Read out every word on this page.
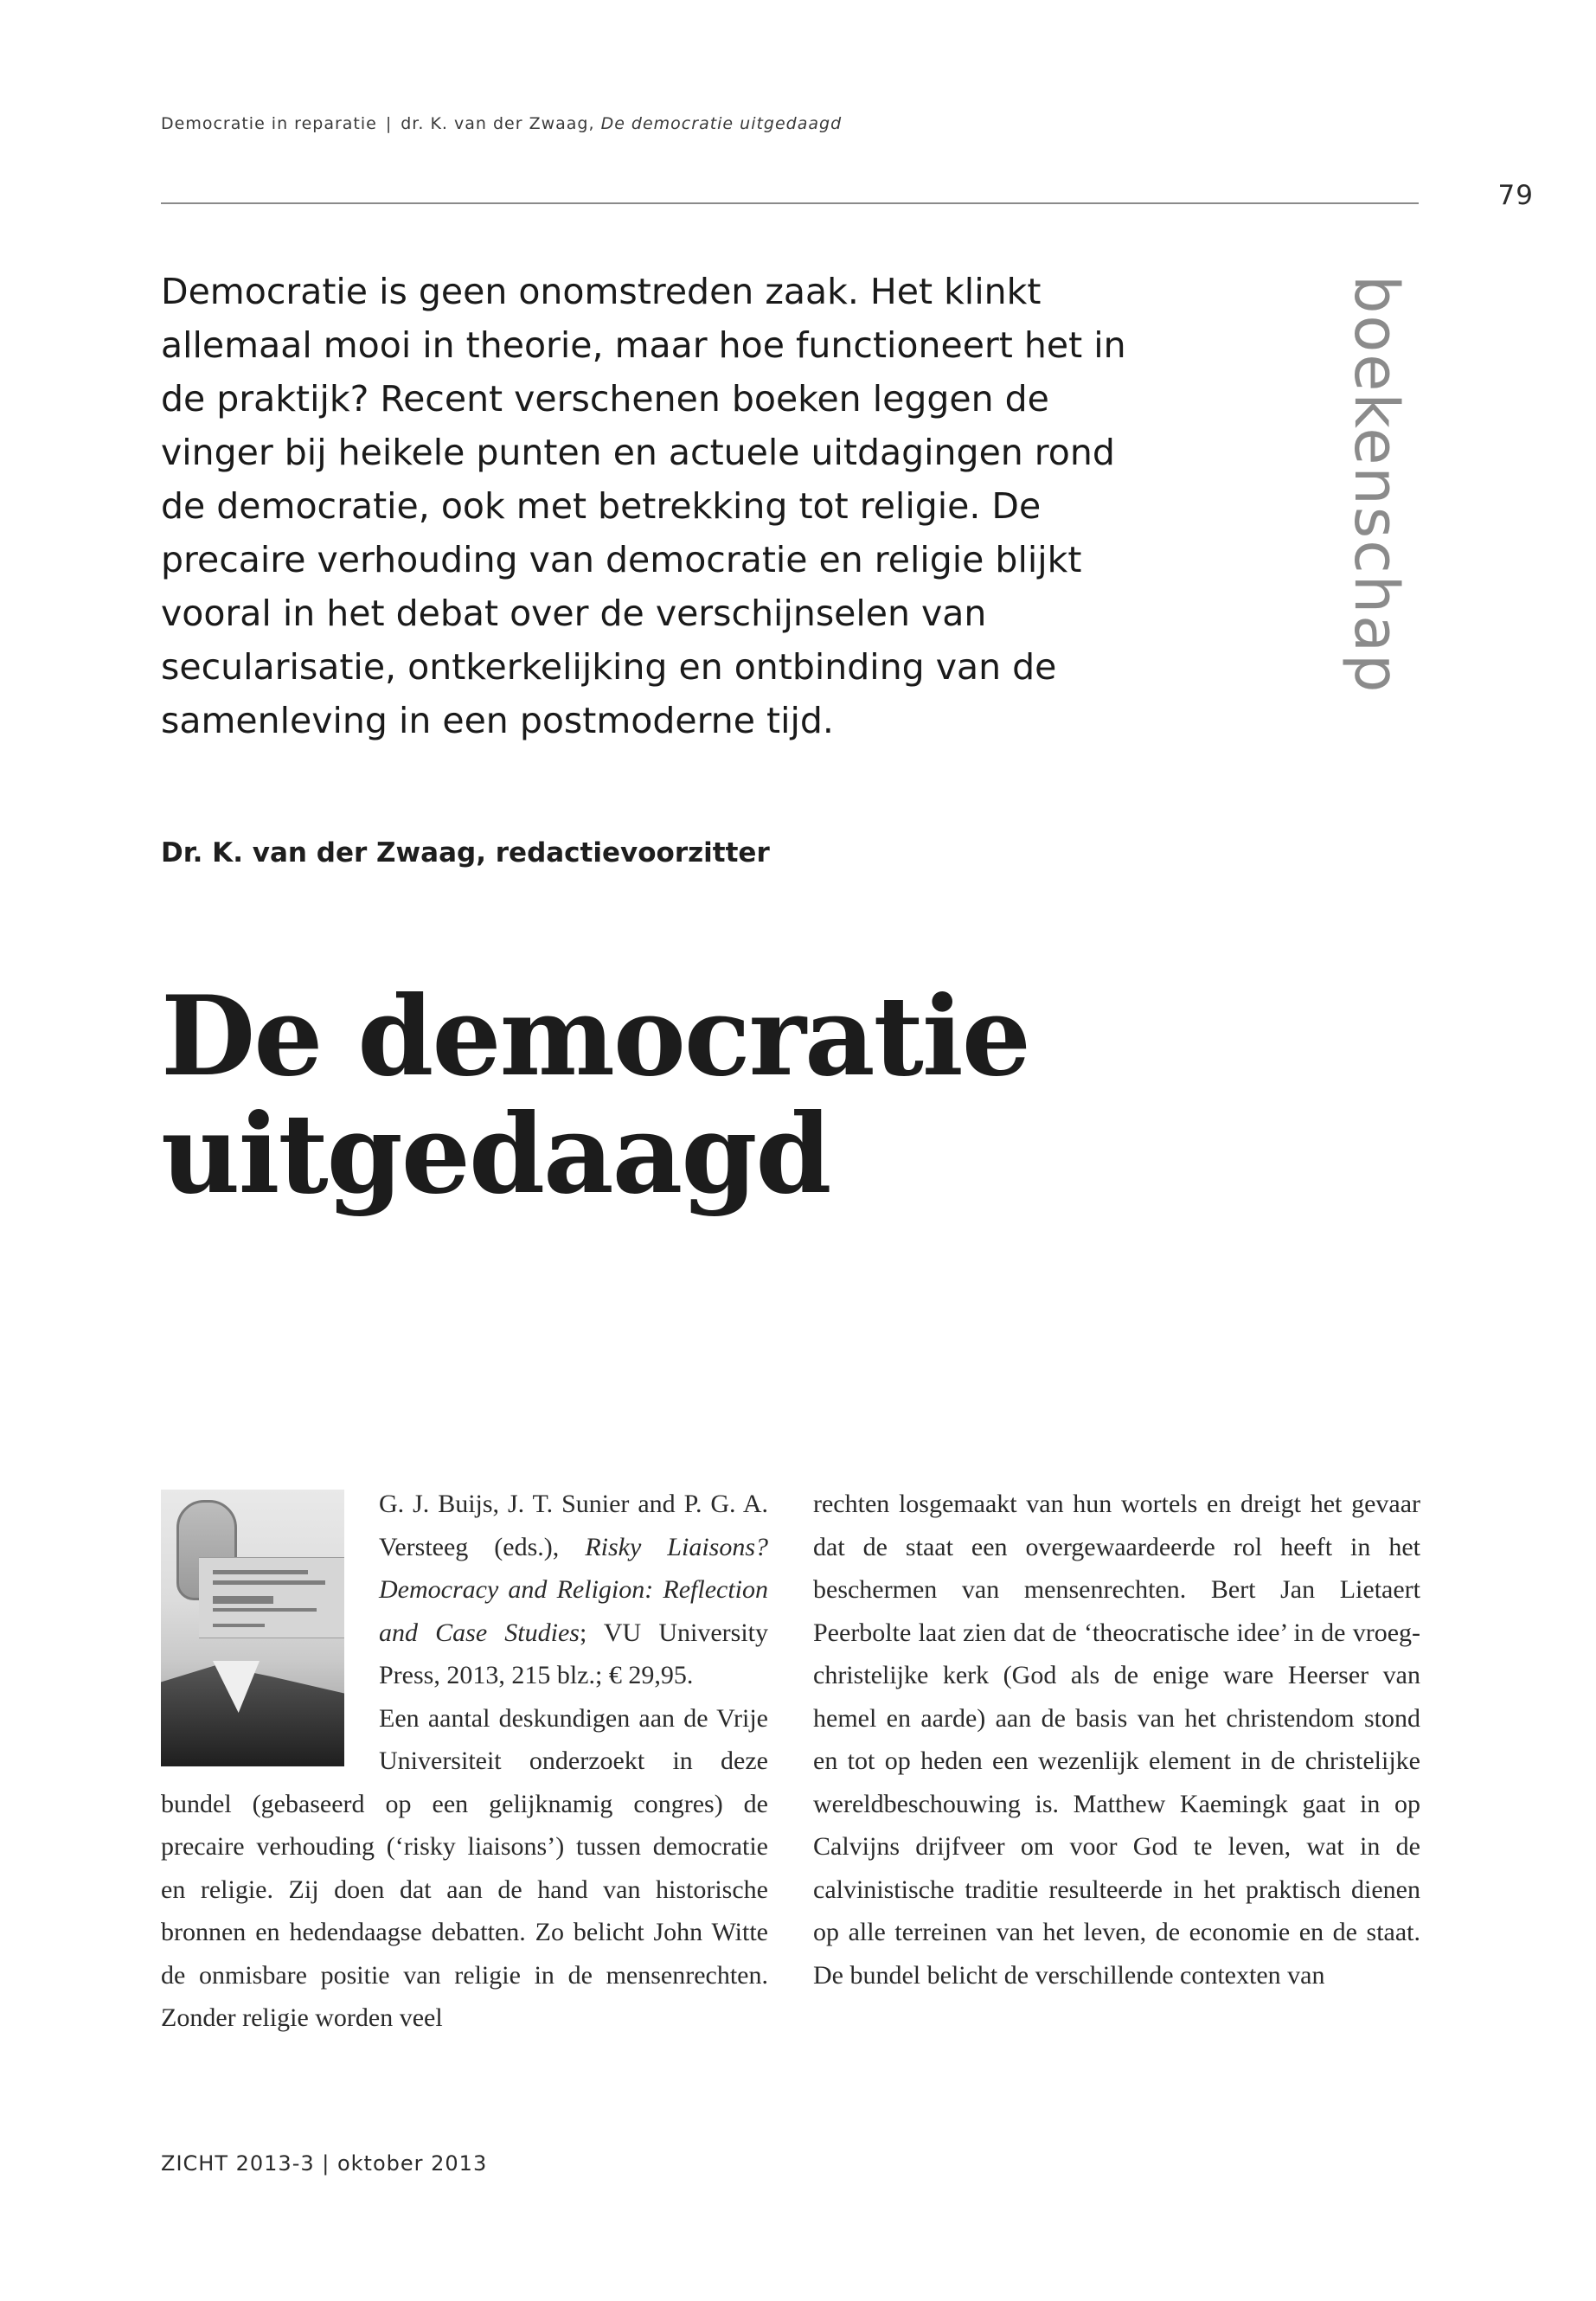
Democratie in reparatie | dr. K. van der Zwaag, De democratie uitgedaagd
79

Democratie is geen onomstreden zaak. Het klinkt allemaal mooi in theorie, maar hoe functioneert het in de praktijk? Recent verschenen boeken leggen de vinger bij heikele punten en actuele uitdagingen rond de democratie, ook met betrekking tot religie. De precaire verhouding van democratie en religie blijkt vooral in het debat over de verschijnselen van secularisatie, ontkerkelijking en ontbinding van de samenleving in een postmoderne tijd.

boekenschap
Dr. K. van der Zwaag, redactievoorzitter
De democratie uitgedaagd

G. J. Buijs, J. T. Sunier and P. G. A. Versteeg (eds.), Risky Liaisons? Democracy and Religion: Reflection and Case Studies; VU University Press, 2013, 215 blz.; € 29,95.

Een aantal deskundigen aan de Vrije Universiteit onderzoekt in deze bundel (gebaseerd op een gelijknamig congres) de precaire verhouding (‘risky liaisons’) tussen democratie en religie. Zij doen dat aan de hand van historische bronnen en hedendaagse debatten. Zo belicht John Witte de onmisbare positie van religie in de mensenrechten. Zonder religie worden veel

rechten losgemaakt van hun wortels en dreigt het gevaar dat de staat een overgewaardeerde rol heeft in het beschermen van mensenrechten. Bert Jan Lietaert Peerbolte laat zien dat de ‘theocratische idee’ in de vroeg-christelijke kerk (God als de enige ware Heerser van hemel en aarde) aan de basis van het christendom stond en tot op heden een wezenlijk element in de christelijke wereldbeschouwing is. Matthew Kaemingk gaat in op Calvijns drijfveer om voor God te leven, wat in de calvinistische traditie resulteerde in het praktisch dienen op alle terreinen van het leven, de economie en de staat. De bundel belicht de verschillende contexten van

ZICHT 2013-3 | oktober 2013
